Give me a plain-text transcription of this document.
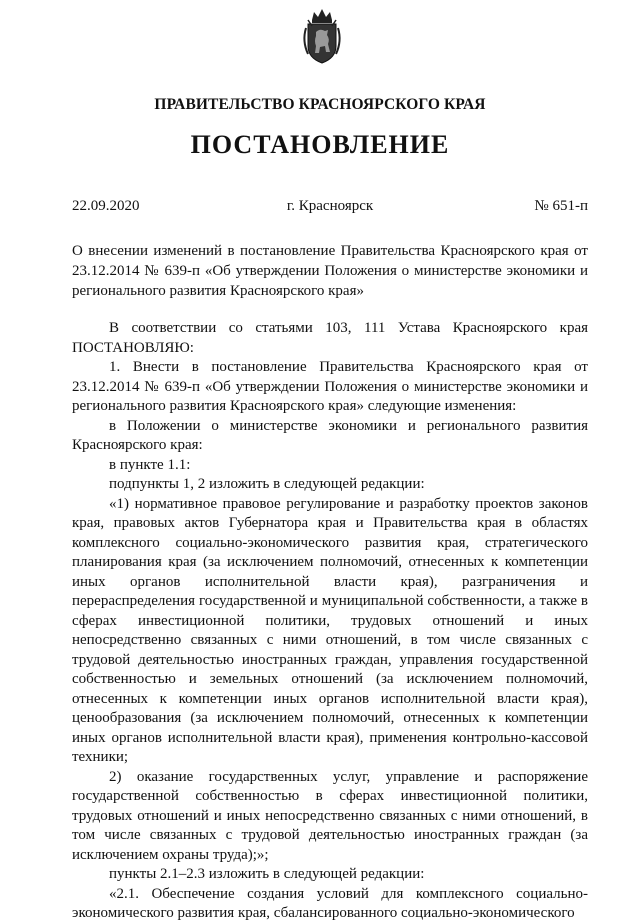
ПРАВИТЕЛЬСТВО КРАСНОЯРСКОГО КРАЯ
ПОСТАНОВЛЕНИЕ
г. Красноярск
22.09.2020	№ 651-п
О внесении изменений в постановление Правительства Красноярского края от 23.12.2014 № 639-п «Об утверждении Положения о министерстве экономики и регионального развития Красноярского края»

В соответствии со статьями 103, 111 Устава Красноярского края ПОСТАНОВЛЯЮ:

1. Внести в постановление Правительства Красноярского края от 23.12.2014 № 639-п «Об утверждении Положения о министерстве экономики и регионального развития Красноярского края» следующие изменения:

в Положении о министерстве экономики и регионального развития Красноярского края:

в пункте 1.1:

подпункты 1, 2 изложить в следующей редакции:

«1) нормативное правовое регулирование и разработку проектов законов края, правовых актов Губернатора края и Правительства края в областях комплексного социально-экономического развития края, стратегического планирования края (за исключением полномочий, отнесенных к компетенции иных органов исполнительной власти края), разграничения и перераспределения государственной и муниципальной собственности, а также в сферах инвестиционной политики, трудовых отношений и иных непосредственно связанных с ними отношений, в том числе связанных с трудовой деятельностью иностранных граждан, управления государственной собственностью и земельных отношений (за исключением полномочий, отнесенных к компетенции иных органов исполнительной власти края), ценообразования (за исключением полномочий, отнесенных к компетенции иных органов исполнительной власти края), применения контрольно-кассовой техники;

2) оказание государственных услуг, управление и распоряжение государственной собственностью в сферах инвестиционной политики, трудовых отношений и иных непосредственно связанных с ними отношений, в том числе связанных с трудовой деятельностью иностранных граждан (за исключением охраны труда);»;

пункты 2.1–2.3 изложить в следующей редакции:

«2.1. Обеспечение создания условий для комплексного социально-экономического развития края, сбалансированного социально-экономического
